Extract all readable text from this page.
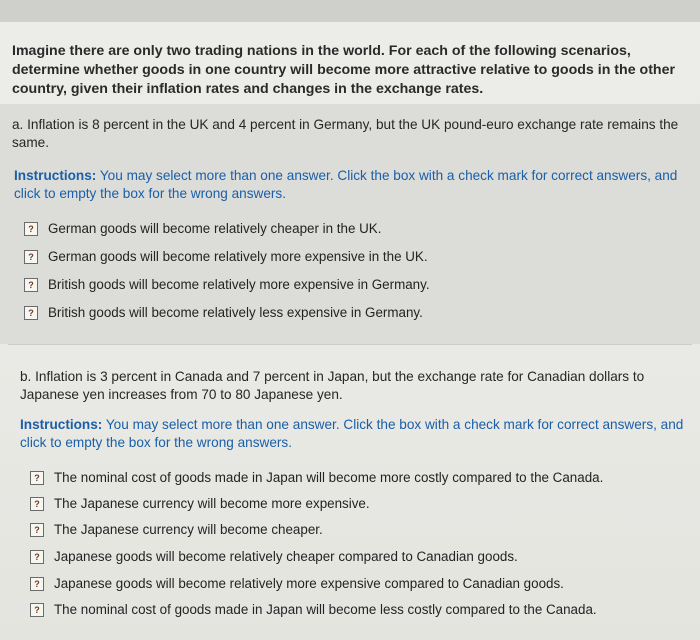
Imagine there are only two trading nations in the world. For each of the following scenarios, determine whether goods in one country will become more attractive relative to goods in the other country, given their inflation rates and changes in the exchange rates.
a. Inflation is 8 percent in the UK and 4 percent in Germany, but the UK pound-euro exchange rate remains the same.
Instructions: You may select more than one answer. Click the box with a check mark for correct answers, and click to empty the box for the wrong answers.
?	German goods will become relatively cheaper in the UK.
?	German goods will become relatively more expensive in the UK.
?	British goods will become relatively more expensive in Germany.
?	British goods will become relatively less expensive in Germany.
b. Inflation is 3 percent in Canada and 7 percent in Japan, but the exchange rate for Canadian dollars to Japanese yen increases from 70 to 80 Japanese yen.
Instructions: You may select more than one answer. Click the box with a check mark for correct answers, and click to empty the box for the wrong answers.
?	The nominal cost of goods made in Japan will become more costly compared to the Canada.
?	The Japanese currency will become more expensive.
?	The Japanese currency will become cheaper.
?	Japanese goods will become relatively cheaper compared to Canadian goods.
?	Japanese goods will become relatively more expensive compared to Canadian goods.
?	The nominal cost of goods made in Japan will become less costly compared to the Canada.
